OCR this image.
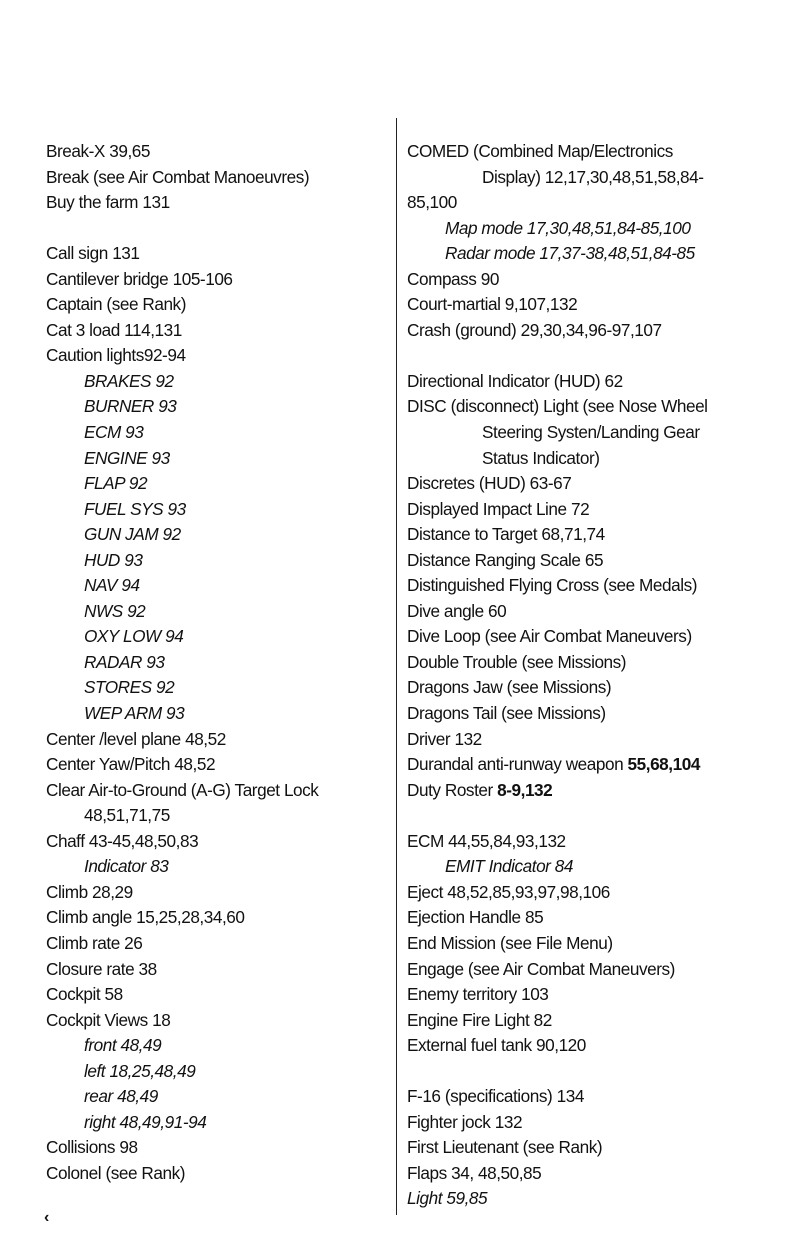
Break-X 39,65
Break (see Air Combat Manoeuvres)
Buy the farm 131
Call sign 131
Cantilever bridge 105-106
Captain (see Rank)
Cat 3 load 114,131
Caution lights92-94
BRAKES 92
BURNER 93
ECM 93
ENGINE 93
FLAP 92
FUEL SYS 93
GUN JAM 92
HUD 93
NAV 94
NWS 92
OXY LOW 94
RADAR 93
STORES 92
WEP ARM 93
Center /level plane 48,52
Center Yaw/Pitch 48,52
Clear Air-to-Ground (A-G) Target Lock
48,51,71,75
Chaff 43-45,48,50,83
Indicator 83
Climb 28,29
Climb angle 15,25,28,34,60
Climb rate 26
Closure rate 38
Cockpit 58
Cockpit Views 18
front 48,49
left 18,25,48,49
rear 48,49
right 48,49,91-94
Collisions 98
Colonel (see Rank)
COMED (Combined Map/Electronics
Display) 12,17,30,48,51,58,84-
85,100
Map mode 17,30,48,51,84-85,100
Radar mode 17,37-38,48,51,84-85
Compass 90
Court-martial 9,107,132
Crash (ground) 29,30,34,96-97,107
Directional Indicator (HUD) 62
DISC (disconnect) Light (see Nose Wheel
Steering Systen/Landing Gear
Status Indicator)
Discretes (HUD) 63-67
Displayed Impact Line 72
Distance to Target 68,71,74
Distance Ranging Scale 65
Distinguished Flying Cross (see Medals)
Dive angle 60
Dive Loop (see Air Combat Maneuvers)
Double Trouble (see Missions)
Dragons Jaw (see Missions)
Dragons Tail (see Missions)
Driver 132
Durandal anti-runway weapon 55,68,104
Duty Roster 8-9,132
ECM 44,55,84,93,132
EMIT Indicator 84
Eject 48,52,85,93,97,98,106
Ejection Handle 85
End Mission (see File Menu)
Engage (see Air Combat Maneuvers)
Enemy territory 103
Engine Fire Light 82
External fuel tank 90,120
F-16 (specifications) 134
Fighter jock 132
First Lieutenant (see Rank)
Flaps 34, 48,50,85
Light 59,85
‹
